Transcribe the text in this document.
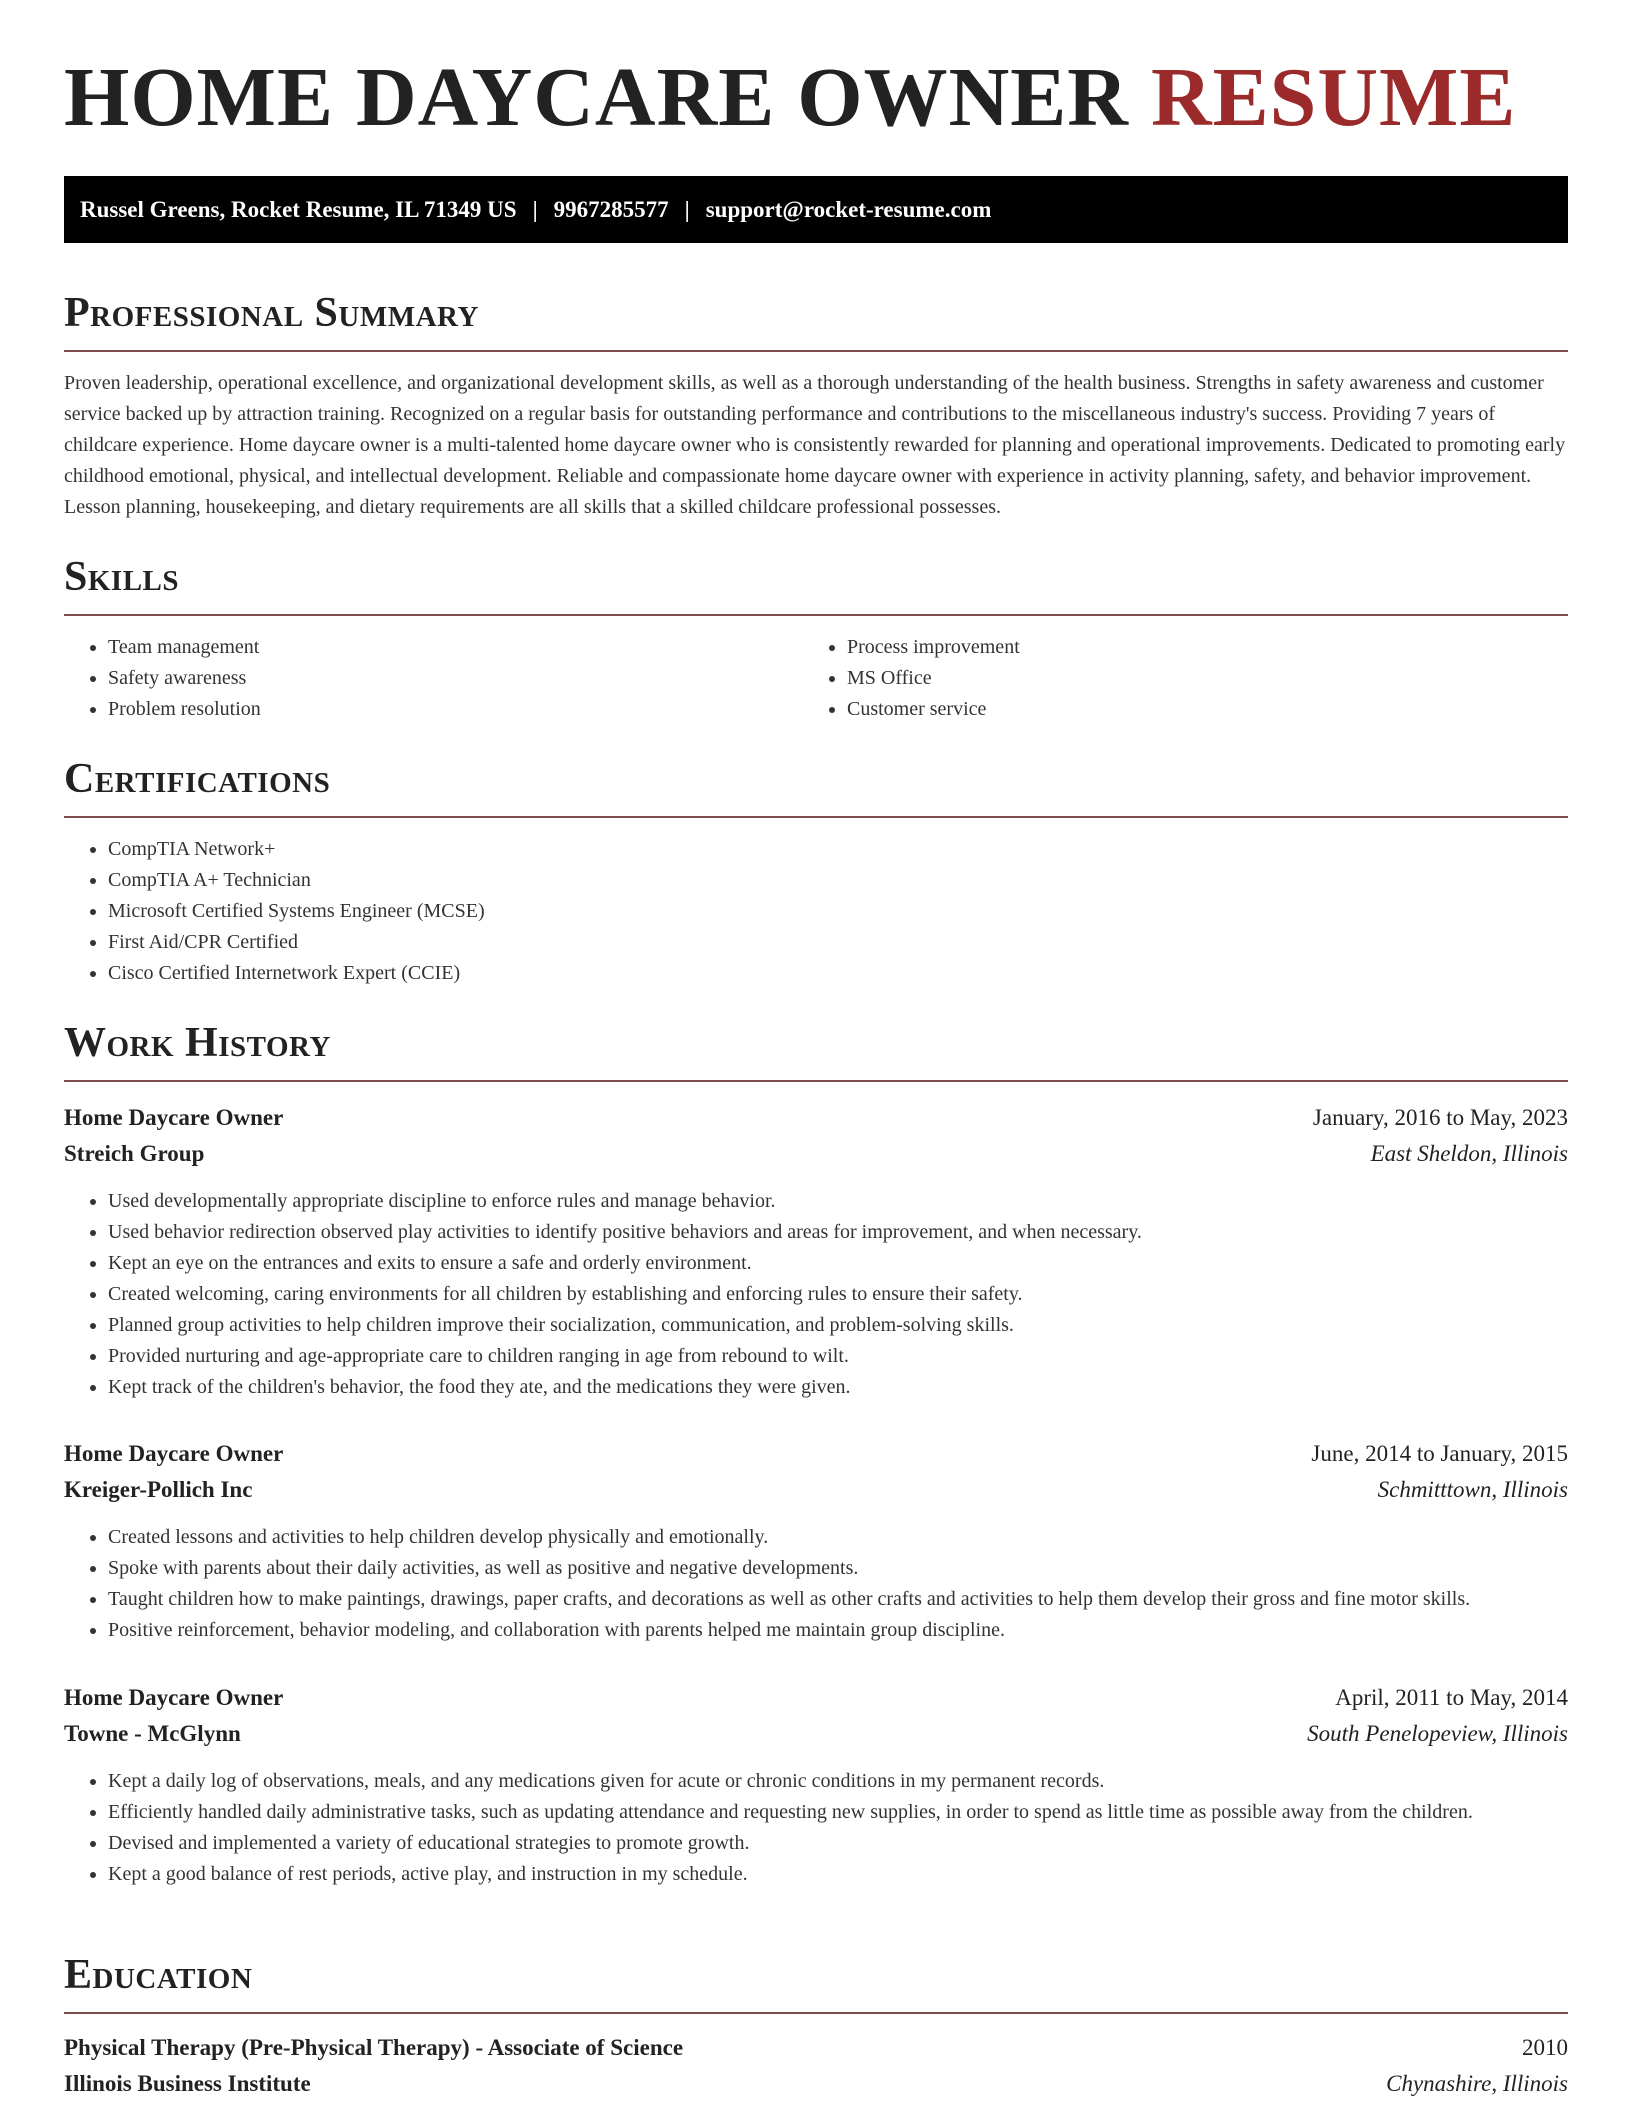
HOME DAYCARE OWNER RESUME
Russel Greens, Rocket Resume, IL 71349 US | 9967285577 | support@rocket-resume.com
Professional Summary

Proven leadership, operational excellence, and organizational development skills, as well as a thorough understanding of the health business. Strengths in safety awareness and customer service backed up by attraction training. Recognized on a regular basis for outstanding performance and contributions to the miscellaneous industry's success. Providing 7 years of childcare experience. Home daycare owner is a multi-talented home daycare owner who is consistently rewarded for planning and operational improvements. Dedicated to promoting early childhood emotional, physical, and intellectual development. Reliable and compassionate home daycare owner with experience in activity planning, safety, and behavior improvement. Lesson planning, housekeeping, and dietary requirements are all skills that a skilled childcare professional possesses.

Skills
• Team management
• Safety awareness
• Problem resolution
• Process improvement
• MS Office
• Customer service
Certifications
• CompTIA Network+
• CompTIA A+ Technician
• Microsoft Certified Systems Engineer (MCSE)
• First Aid/CPR Certified
• Cisco Certified Internetwork Expert (CCIE)
Work History
Home Daycare Owner	January, 2016 to May, 2023
Streich Group	East Sheldon, Illinois
• Used developmentally appropriate discipline to enforce rules and manage behavior.
• Used behavior redirection observed play activities to identify positive behaviors and areas for improvement, and when necessary.
• Kept an eye on the entrances and exits to ensure a safe and orderly environment.
• Created welcoming, caring environments for all children by establishing and enforcing rules to ensure their safety.
• Planned group activities to help children improve their socialization, communication, and problem-solving skills.
• Provided nurturing and age-appropriate care to children ranging in age from rebound to wilt.
• Kept track of the children's behavior, the food they ate, and the medications they were given.
Home Daycare Owner	June, 2014 to January, 2015
Kreiger-Pollich Inc	Schmitttown, Illinois
• Created lessons and activities to help children develop physically and emotionally.
• Spoke with parents about their daily activities, as well as positive and negative developments.
• Taught children how to make paintings, drawings, paper crafts, and decorations as well as other crafts and activities to help them develop their gross and fine motor skills.
• Positive reinforcement, behavior modeling, and collaboration with parents helped me maintain group discipline.
Home Daycare Owner	April, 2011 to May, 2014
Towne - McGlynn	South Penelopeview, Illinois
• Kept a daily log of observations, meals, and any medications given for acute or chronic conditions in my permanent records.
• Efficiently handled daily administrative tasks, such as updating attendance and requesting new supplies, in order to spend as little time as possible away from the children.
• Devised and implemented a variety of educational strategies to promote growth.
• Kept a good balance of rest periods, active play, and instruction in my schedule.
Education
Physical Therapy (Pre-Physical Therapy) - Associate of Science	2010
Illinois Business Institute	Chynashire, Illinois
